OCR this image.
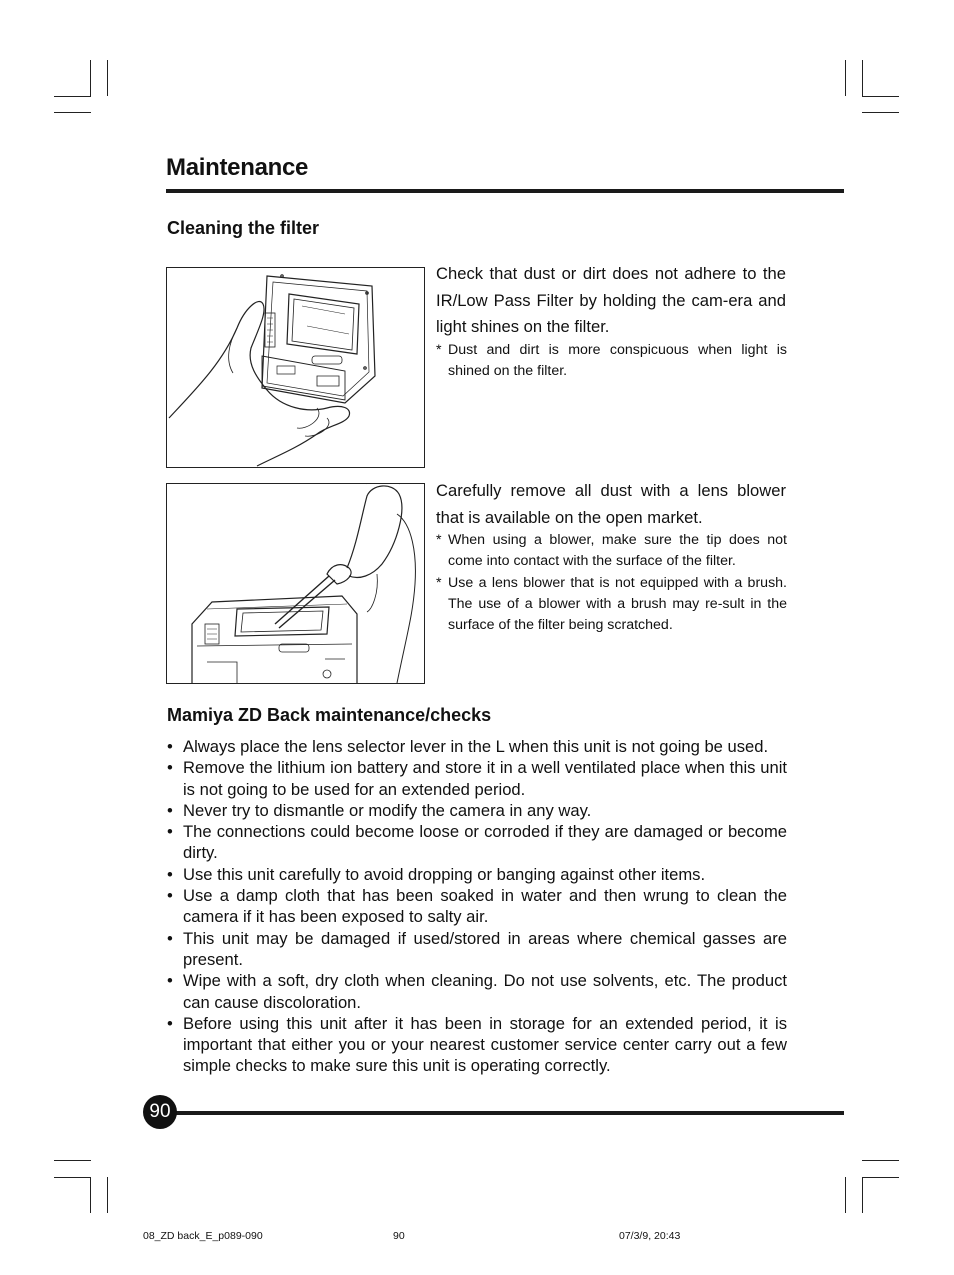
Maintenance
Cleaning the filter
Check that dust or dirt does not adhere to the IR/Low Pass Filter by holding the cam-era and light shines on the filter.
* Dust and dirt is more conspicuous when light is shined on the filter.
Carefully remove all dust with a lens blower that is available on the open market.
* When using a blower, make sure the tip does not come into contact with the surface of the filter.
* Use a lens blower that is not equipped with a brush. The use of a blower with a brush may re-sult in the surface of the filter being scratched.
Mamiya ZD Back maintenance/checks
• Always place the lens selector lever in the L when this unit is not going be used.
• Remove the lithium ion battery and store it in a well ventilated place when this unit is not going to be used for an extended period.
• Never try to dismantle or modify the camera in any way.
• The connections could become loose or corroded if they are damaged or become dirty.
• Use this unit carefully to avoid dropping or banging against other items.
• Use a damp cloth that has been soaked in water and then wrung to clean the camera if it has been exposed to salty air.
• This unit may be damaged if used/stored in areas where chemical gasses are present.
• Wipe with a soft, dry cloth when cleaning. Do not use solvents, etc. The product can cause discoloration.
• Before using this unit after it has been in storage for an extended period, it is important that either you or your nearest customer service center carry out a few simple checks to make sure this unit is operating correctly.
90
08_ZD back_E_p089-090	90	07/3/9, 20:43
